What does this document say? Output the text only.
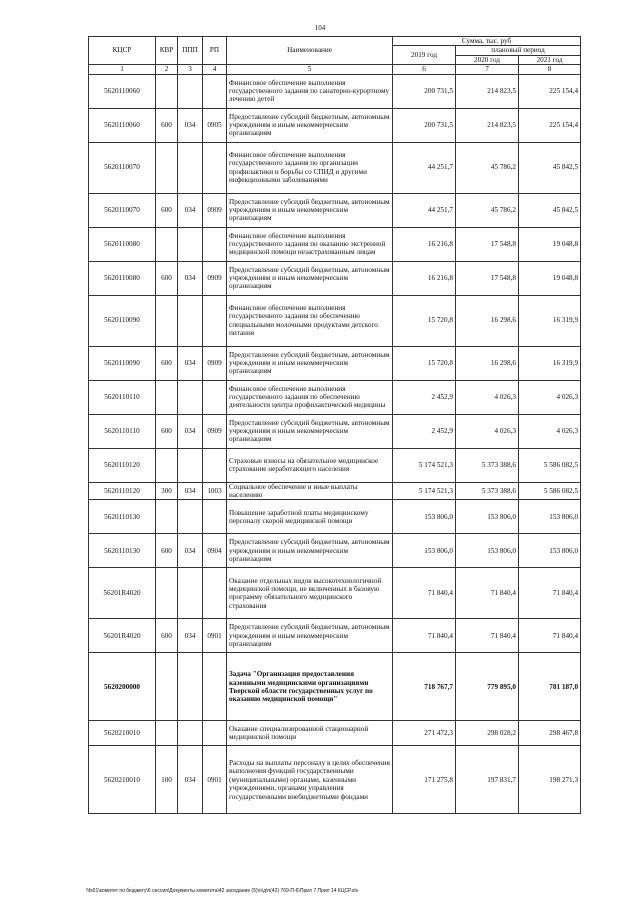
104
КЦСР	КВР	ППП	РП	Наименование	Сумма, тыс. руб		
					2019 год	плановый период	
						2020 год	2021 год
1	2	3	4	5	6	7	8
5620110060				Финансовое обеспечение выполнения государственного задания по санаторно-курортному лечению детей	200 731,5	214 823,5	225 154,4
5620110060	600	034	0905	Предоставление субсидий бюджетным, автономным учреждениям и иным некоммерческим организациям	200 731,5	214 823,5	225 154,4
5620110070				Финансовое обеспечение выполнения государственного задания по организации профилактики и борьбы со СПИД и другими инфекционными заболеваниями	44 251,7	45 786,2	45 842,5
5620110070	600	034	0909	Предоставление субсидий бюджетным, автономным учреждениям и иным некоммерческим организациям	44 251,7	45 786,2	45 842,5
5620110080				Финансовое обеспечение выполнения государственного задания по оказанию экстренной медицинской помощи незастрахованным лицам	16 216,8	17 548,8	19 048,8
5620110080	600	034	0909	Предоставление субсидий бюджетным, автономным учреждениям и иным некоммерческим организациям	16 216,8	17 548,8	19 048,8
5620110090				Финансовое обеспечение выполнения государственного задания по обеспечению специальными молочными продуктами детского питания	15 720,8	16 298,6	16 319,9
5620110090	600	034	0909	Предоставление субсидий бюджетным, автономным учреждениям и иным некоммерческим организациям	15 720,8	16 298,6	16 319,9
5620110110				Финансовое обеспечение выполнения государственного задания по обеспечению деятельности центра профилактической медицины	2 452,9	4 026,3	4 026,3
5620110110	600	034	0909	Предоставление субсидий бюджетным, автономным учреждениям и иным некоммерческим организациям	2 452,9	4 026,3	4 026,3
5620110120				Страховые взносы на обязательное медицинское страхование неработающего населения	5 174 521,3	5 373 388,6	5 586 082,5
5620110120	300	034	1003	Социальное обеспечение и иные выплаты населению	5 174 521,3	5 373 388,6	5 586 082,5
5620110130				Повышение заработной платы медицинскому персоналу скорой медицинской помощи	153 806,0	153 806,0	153 806,0
5620110130	600	034	0904	Предоставление субсидий бюджетным, автономным учреждениям и иным некоммерческим организациям	153 806,0	153 806,0	153 806,0
56201R4020				Оказание отдельных видов высокотехнологичной медицинской помощи, не включенных в базовую программу обязательного медицинского страхования	71 840,4	71 840,4	71 840,4
56201R4020	600	034	0901	Предоставление субсидий бюджетным, автономным учреждениям и иным некоммерческим организациям	71 840,4	71 840,4	71 840,4
5620200000				Задача "Организация предоставления казенными медицинскими организациями Тверской области государственных услуг по оказанию медицинской помощи"	718 767,7	779 895,0	781 187,0
5620210010				Оказание специализированной стационарной медицинской помощи	271 472,3	298 028,2	298 467,8
5620210010	100	034	0901	Расходы на выплаты персоналу в целях обеспечения выполнения функций государственными (муниципальными) органами, казенными учреждениями, органами управления государственными внебюджетными фондами	171 275,8	197 831,7	198 271,3
\\fs01\комитет по бюджету\6 сессия\Документы комитета\42 заседание (5)\п\д\п(42) 769-П-6\Прил 7 Прил 14 КЦСР.xls
